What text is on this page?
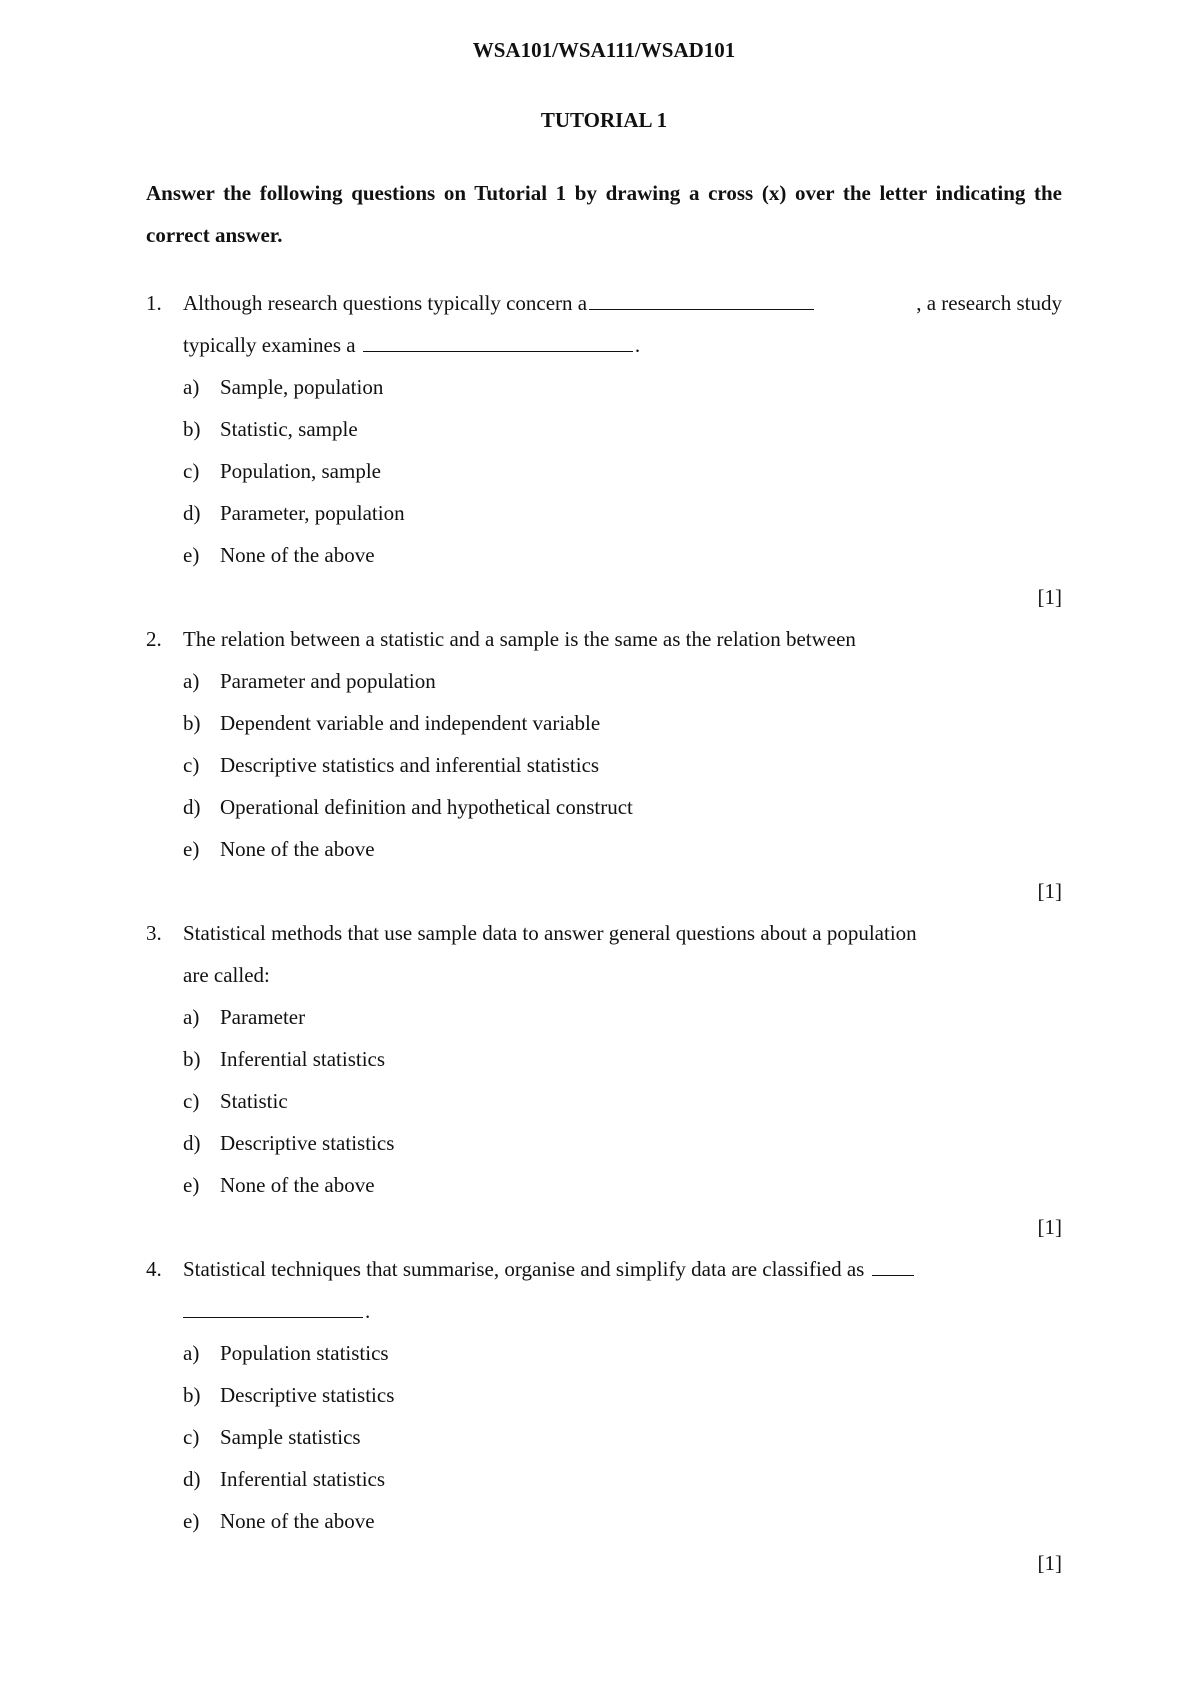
WSA101/WSA111/WSAD101

TUTORIAL 1

Answer the following questions on Tutorial 1 by drawing a cross (x) over the letter indicating the correct answer.

1.	Although research questions typically concern a	, a research study
typically examines a	.
a) Sample, population
b) Statistic, sample
c) Population, sample
d) Parameter, population
e) None of the above
[1]
2.	The relation between a statistic and a sample is the same as the relation between
a) Parameter and population
b) Dependent variable and independent variable
c) Descriptive statistics and inferential statistics
d) Operational definition and hypothetical construct
e) None of the above
[1]
3.	Statistical methods that use sample data to answer general questions about a population
are called:
a) Parameter
b) Inferential statistics
c) Statistic
d) Descriptive statistics
e) None of the above
[1]
4.	Statistical techniques that summarise, organise and simplify data are classified as
.
a) Population statistics
b) Descriptive statistics
c) Sample statistics
d) Inferential statistics
e) None of the above
[1]
